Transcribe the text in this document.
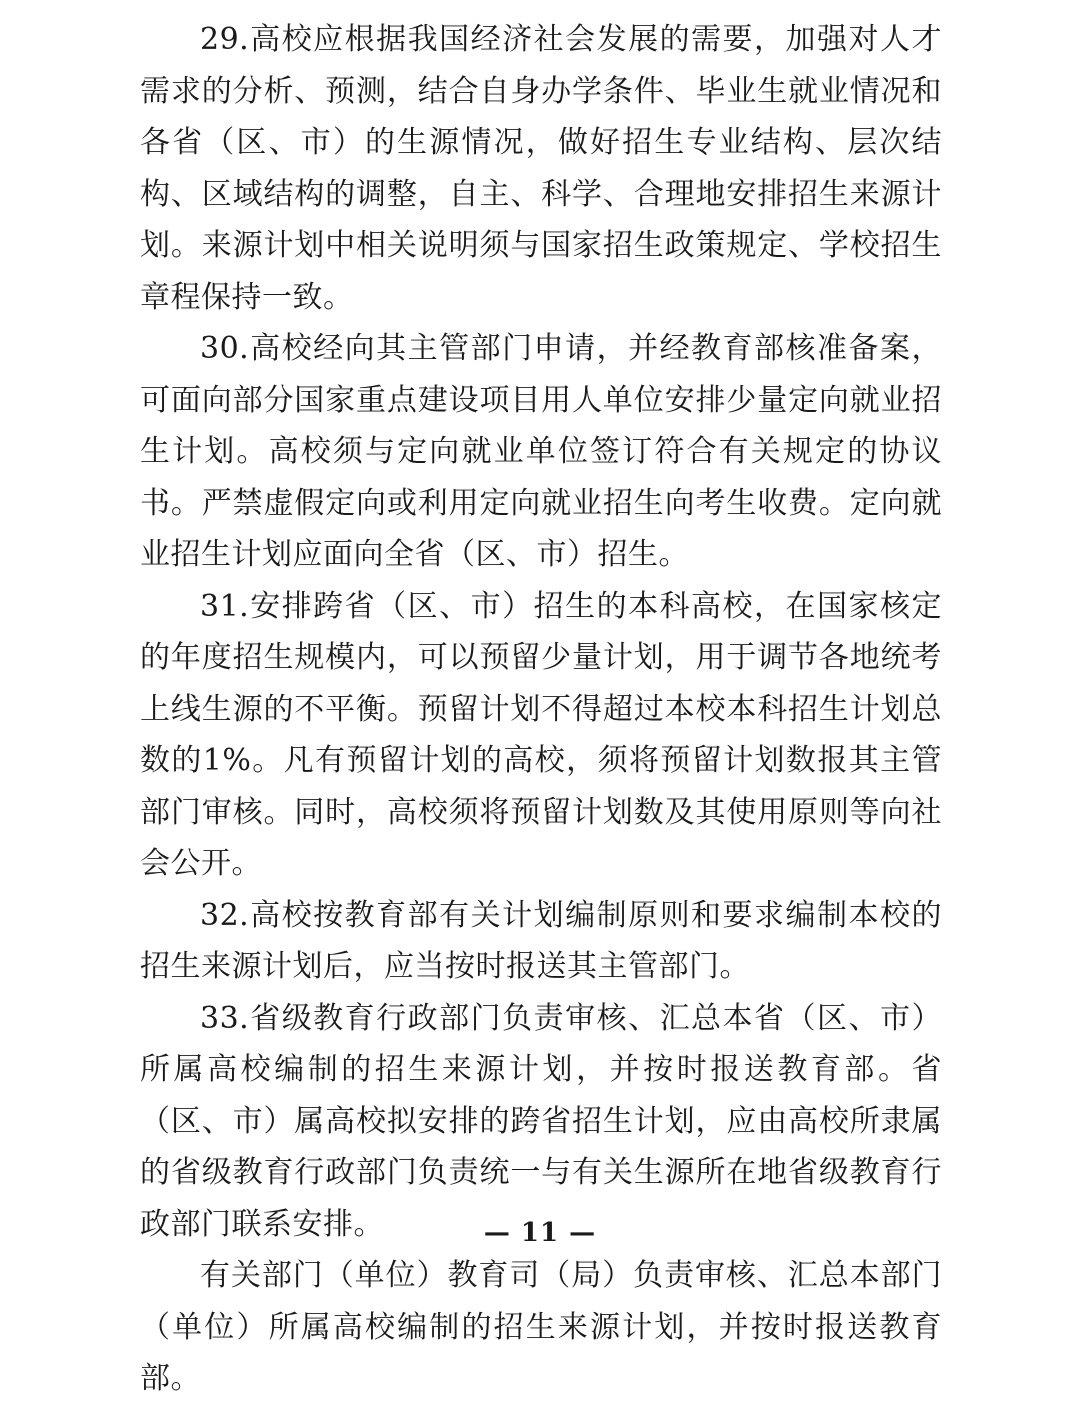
29.高校应根据我国经济社会发展的需要，加强对人才需求的分析、预测，结合自身办学条件、毕业生就业情况和各省（区、市）的生源情况，做好招生专业结构、层次结构、区域结构的调整，自主、科学、合理地安排招生来源计划。来源计划中相关说明须与国家招生政策规定、学校招生章程保持一致。

30.高校经向其主管部门申请，并经教育部核准备案，可面向部分国家重点建设项目用人单位安排少量定向就业招生计划。高校须与定向就业单位签订符合有关规定的协议书。严禁虚假定向或利用定向就业招生向考生收费。定向就业招生计划应面向全省（区、市）招生。

31.安排跨省（区、市）招生的本科高校，在国家核定的年度招生规模内，可以预留少量计划，用于调节各地统考上线生源的不平衡。预留计划不得超过本校本科招生计划总数的1%。凡有预留计划的高校，须将预留计划数报其主管部门审核。同时，高校须将预留计划数及其使用原则等向社会公开。

32.高校按教育部有关计划编制原则和要求编制本校的招生来源计划后，应当按时报送其主管部门。

33.省级教育行政部门负责审核、汇总本省（区、市）所属高校编制的招生来源计划，并按时报送教育部。省（区、市）属高校拟安排的跨省招生计划，应由高校所隶属的省级教育行政部门负责统一与有关生源所在地省级教育行政部门联系安排。

有关部门（单位）教育司（局）负责审核、汇总本部门（单位）所属高校编制的招生来源计划，并按时报送教育部。

— 11 —
